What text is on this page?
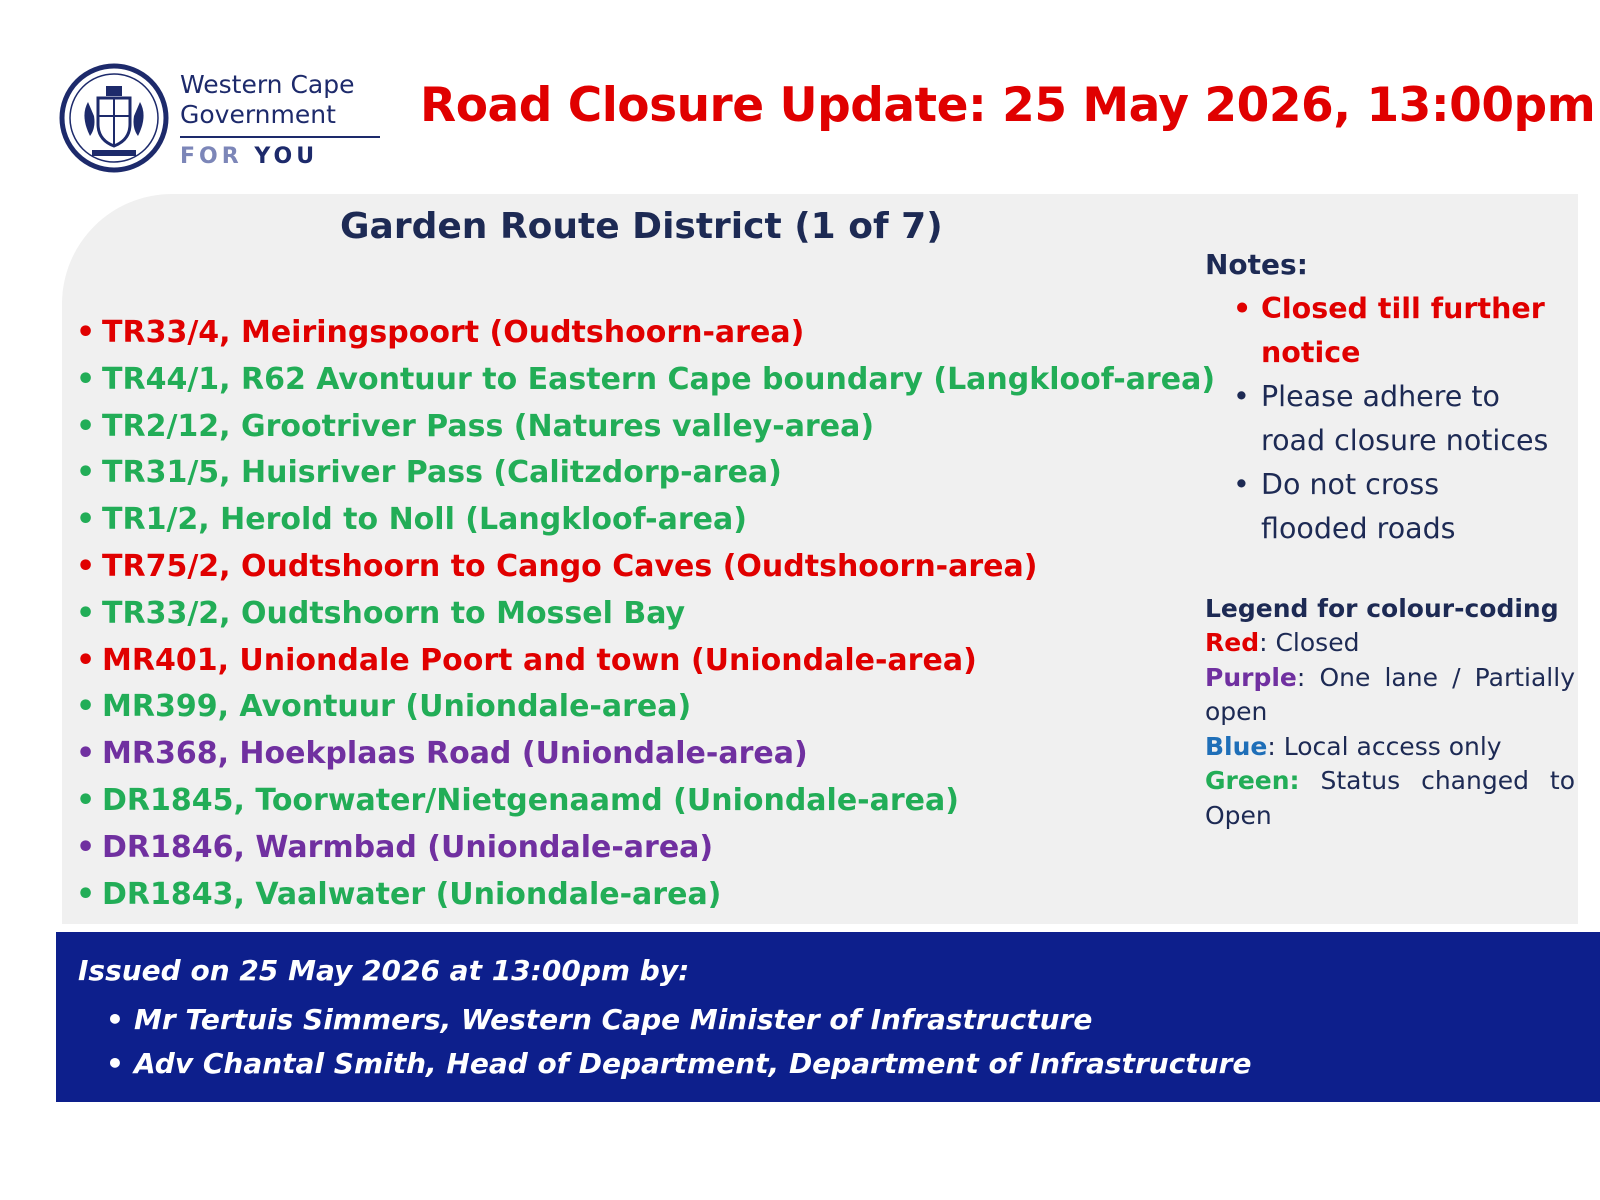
Western Cape
Government
FOR YOU
Road Closure Update: 25 May 2026, 13:00pm
Garden Route District (1 of 7)
• TR33/4, Meiringspoort (Oudtshoorn-area)
• TR44/1, R62 Avontuur to Eastern Cape boundary (Langkloof-area)
• TR2/12, Grootriver Pass (Natures valley-area)
• TR31/5, Huisriver Pass (Calitzdorp-area)
• TR1/2, Herold to Noll (Langkloof-area)
• TR75/2, Oudtshoorn to Cango Caves (Oudtshoorn-area)
• TR33/2, Oudtshoorn to Mossel Bay
• MR401, Uniondale Poort and town (Uniondale-area)
• MR399, Avontuur (Uniondale-area)
• MR368, Hoekplaas Road (Uniondale-area)
• DR1845, Toorwater/Nietgenaamd (Uniondale-area)
• DR1846, Warmbad (Uniondale-area)
• DR1843, Vaalwater (Uniondale-area)
Notes:
• Closed till further
notice
• Please adhere to
road closure notices
• Do not cross
flooded roads
Legend for colour-coding
Red: Closed
Purple: One lane / Partially open
Blue: Local access only
Green: Status changed to Open
Issued on 25 May 2026 at 13:00pm by:
• Mr Tertuis Simmers, Western Cape Minister of Infrastructure
• Adv Chantal Smith, Head of Department, Department of Infrastructure
